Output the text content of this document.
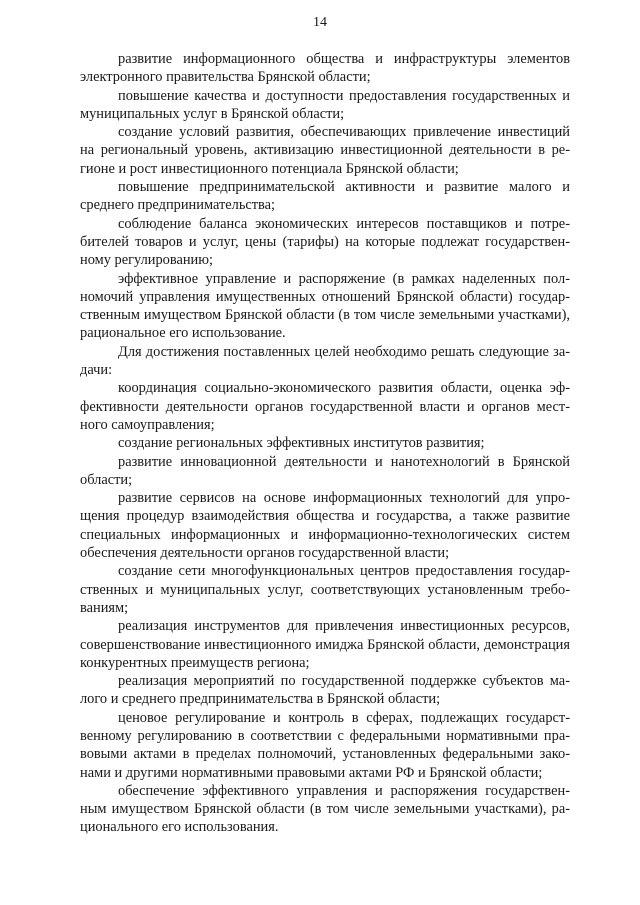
14

развитие информационного общества и инфраструктуры элементов электронного правительства Брянской области;

повышение качества и доступности предоставления государственных и муниципальных услуг в Брянской области;

создание условий развития, обеспечивающих привлечение инвестиций на региональный уровень, активизацию инвестиционной деятельности в регионе и рост инвестиционного потенциала Брянской области;

повышение предпринимательской активности и развитие малого и среднего предпринимательства;

соблюдение баланса экономических интересов поставщиков и потребителей товаров и услуг, цены (тарифы) на которые подлежат государственному регулированию;

эффективное управление и распоряжение (в рамках наделенных полномочий управления имущественных отношений Брянской области) государственным имуществом Брянской области (в том числе земельными участками), рациональное его использование.

Для достижения поставленных целей необходимо решать следующие задачи:

координация социально-экономического развития области, оценка эффективности деятельности органов государственной власти и органов местного самоуправления;

создание региональных эффективных институтов развития;

развитие инновационной деятельности и нанотехнологий в Брянской области;

развитие сервисов на основе информационных технологий для упрощения процедур взаимодействия общества и государства, а также развитие специальных информационных и информационно-технологических систем обеспечения деятельности органов государственной власти;

создание сети многофункциональных центров предоставления государственных и муниципальных услуг, соответствующих установленным требованиям;

реализация инструментов для привлечения инвестиционных ресурсов, совершенствование инвестиционного имиджа Брянской области, демонстрация конкурентных преимуществ региона;

реализация мероприятий по государственной поддержке субъектов малого и среднего предпринимательства в Брянской области;

ценовое регулирование и контроль в сферах, подлежащих государственному регулированию в соответствии с федеральными нормативными правовыми актами в пределах полномочий, установленных федеральными законами и другими нормативными правовыми актами РФ и Брянской области;

обеспечение эффективного управления и распоряжения государственным имуществом Брянской области (в том числе земельными участками), рационального его использования.
